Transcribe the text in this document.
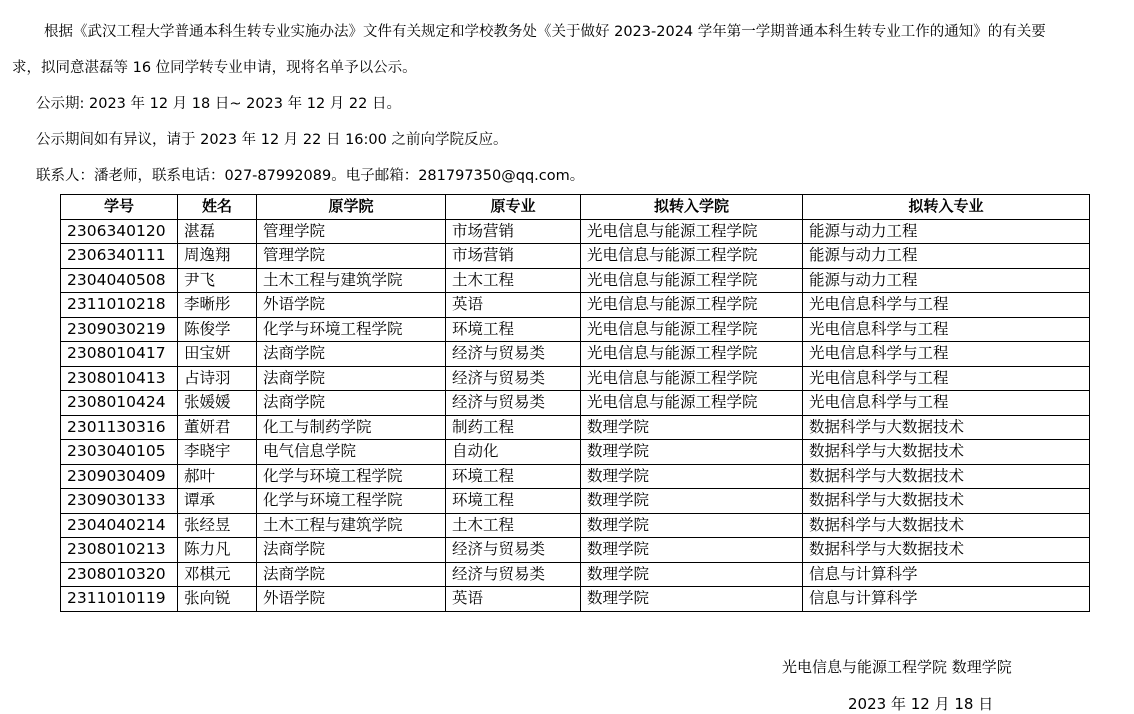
根据《武汉工程大学普通本科生转专业实施办法》文件有关规定和学校教务处《关于做好 2023-2024 学年第一学期普通本科生转专业工作的通知》的有关要

求，拟同意湛磊等 16 位同学转专业申请，现将名单予以公示。

公示期: 2023 年 12 月 18 日~ 2023 年 12 月 22 日。

公示期间如有异议，请于 2023 年 12 月 22 日 16:00 之前向学院反应。

联系人：潘老师，联系电话：027-87992089。电子邮箱：281797350@qq.com。

学号	姓名	原学院	原专业	拟转入学院	拟转入专业
2306340120	湛磊	管理学院	市场营销	光电信息与能源工程学院	能源与动力工程
2306340111	周逸翔	管理学院	市场营销	光电信息与能源工程学院	能源与动力工程
2304040508	尹飞	土木工程与建筑学院	土木工程	光电信息与能源工程学院	能源与动力工程
2311010218	李晰彤	外语学院	英语	光电信息与能源工程学院	光电信息科学与工程
2309030219	陈俊学	化学与环境工程学院	环境工程	光电信息与能源工程学院	光电信息科学与工程
2308010417	田宝妍	法商学院	经济与贸易类	光电信息与能源工程学院	光电信息科学与工程
2308010413	占诗羽	法商学院	经济与贸易类	光电信息与能源工程学院	光电信息科学与工程
2308010424	张媛媛	法商学院	经济与贸易类	光电信息与能源工程学院	光电信息科学与工程
2301130316	董妍君	化工与制药学院	制药工程	数理学院	数据科学与大数据技术
2303040105	李晓宇	电气信息学院	自动化	数理学院	数据科学与大数据技术
2309030409	郝叶	化学与环境工程学院	环境工程	数理学院	数据科学与大数据技术
2309030133	谭承	化学与环境工程学院	环境工程	数理学院	数据科学与大数据技术
2304040214	张经昱	土木工程与建筑学院	土木工程	数理学院	数据科学与大数据技术
2308010213	陈力凡	法商学院	经济与贸易类	数理学院	数据科学与大数据技术
2308010320	邓棋元	法商学院	经济与贸易类	数理学院	信息与计算科学
2311010119	张向锐	外语学院	英语	数理学院	信息与计算科学
光电信息与能源工程学院 数理学院
2023 年 12 月 18 日
